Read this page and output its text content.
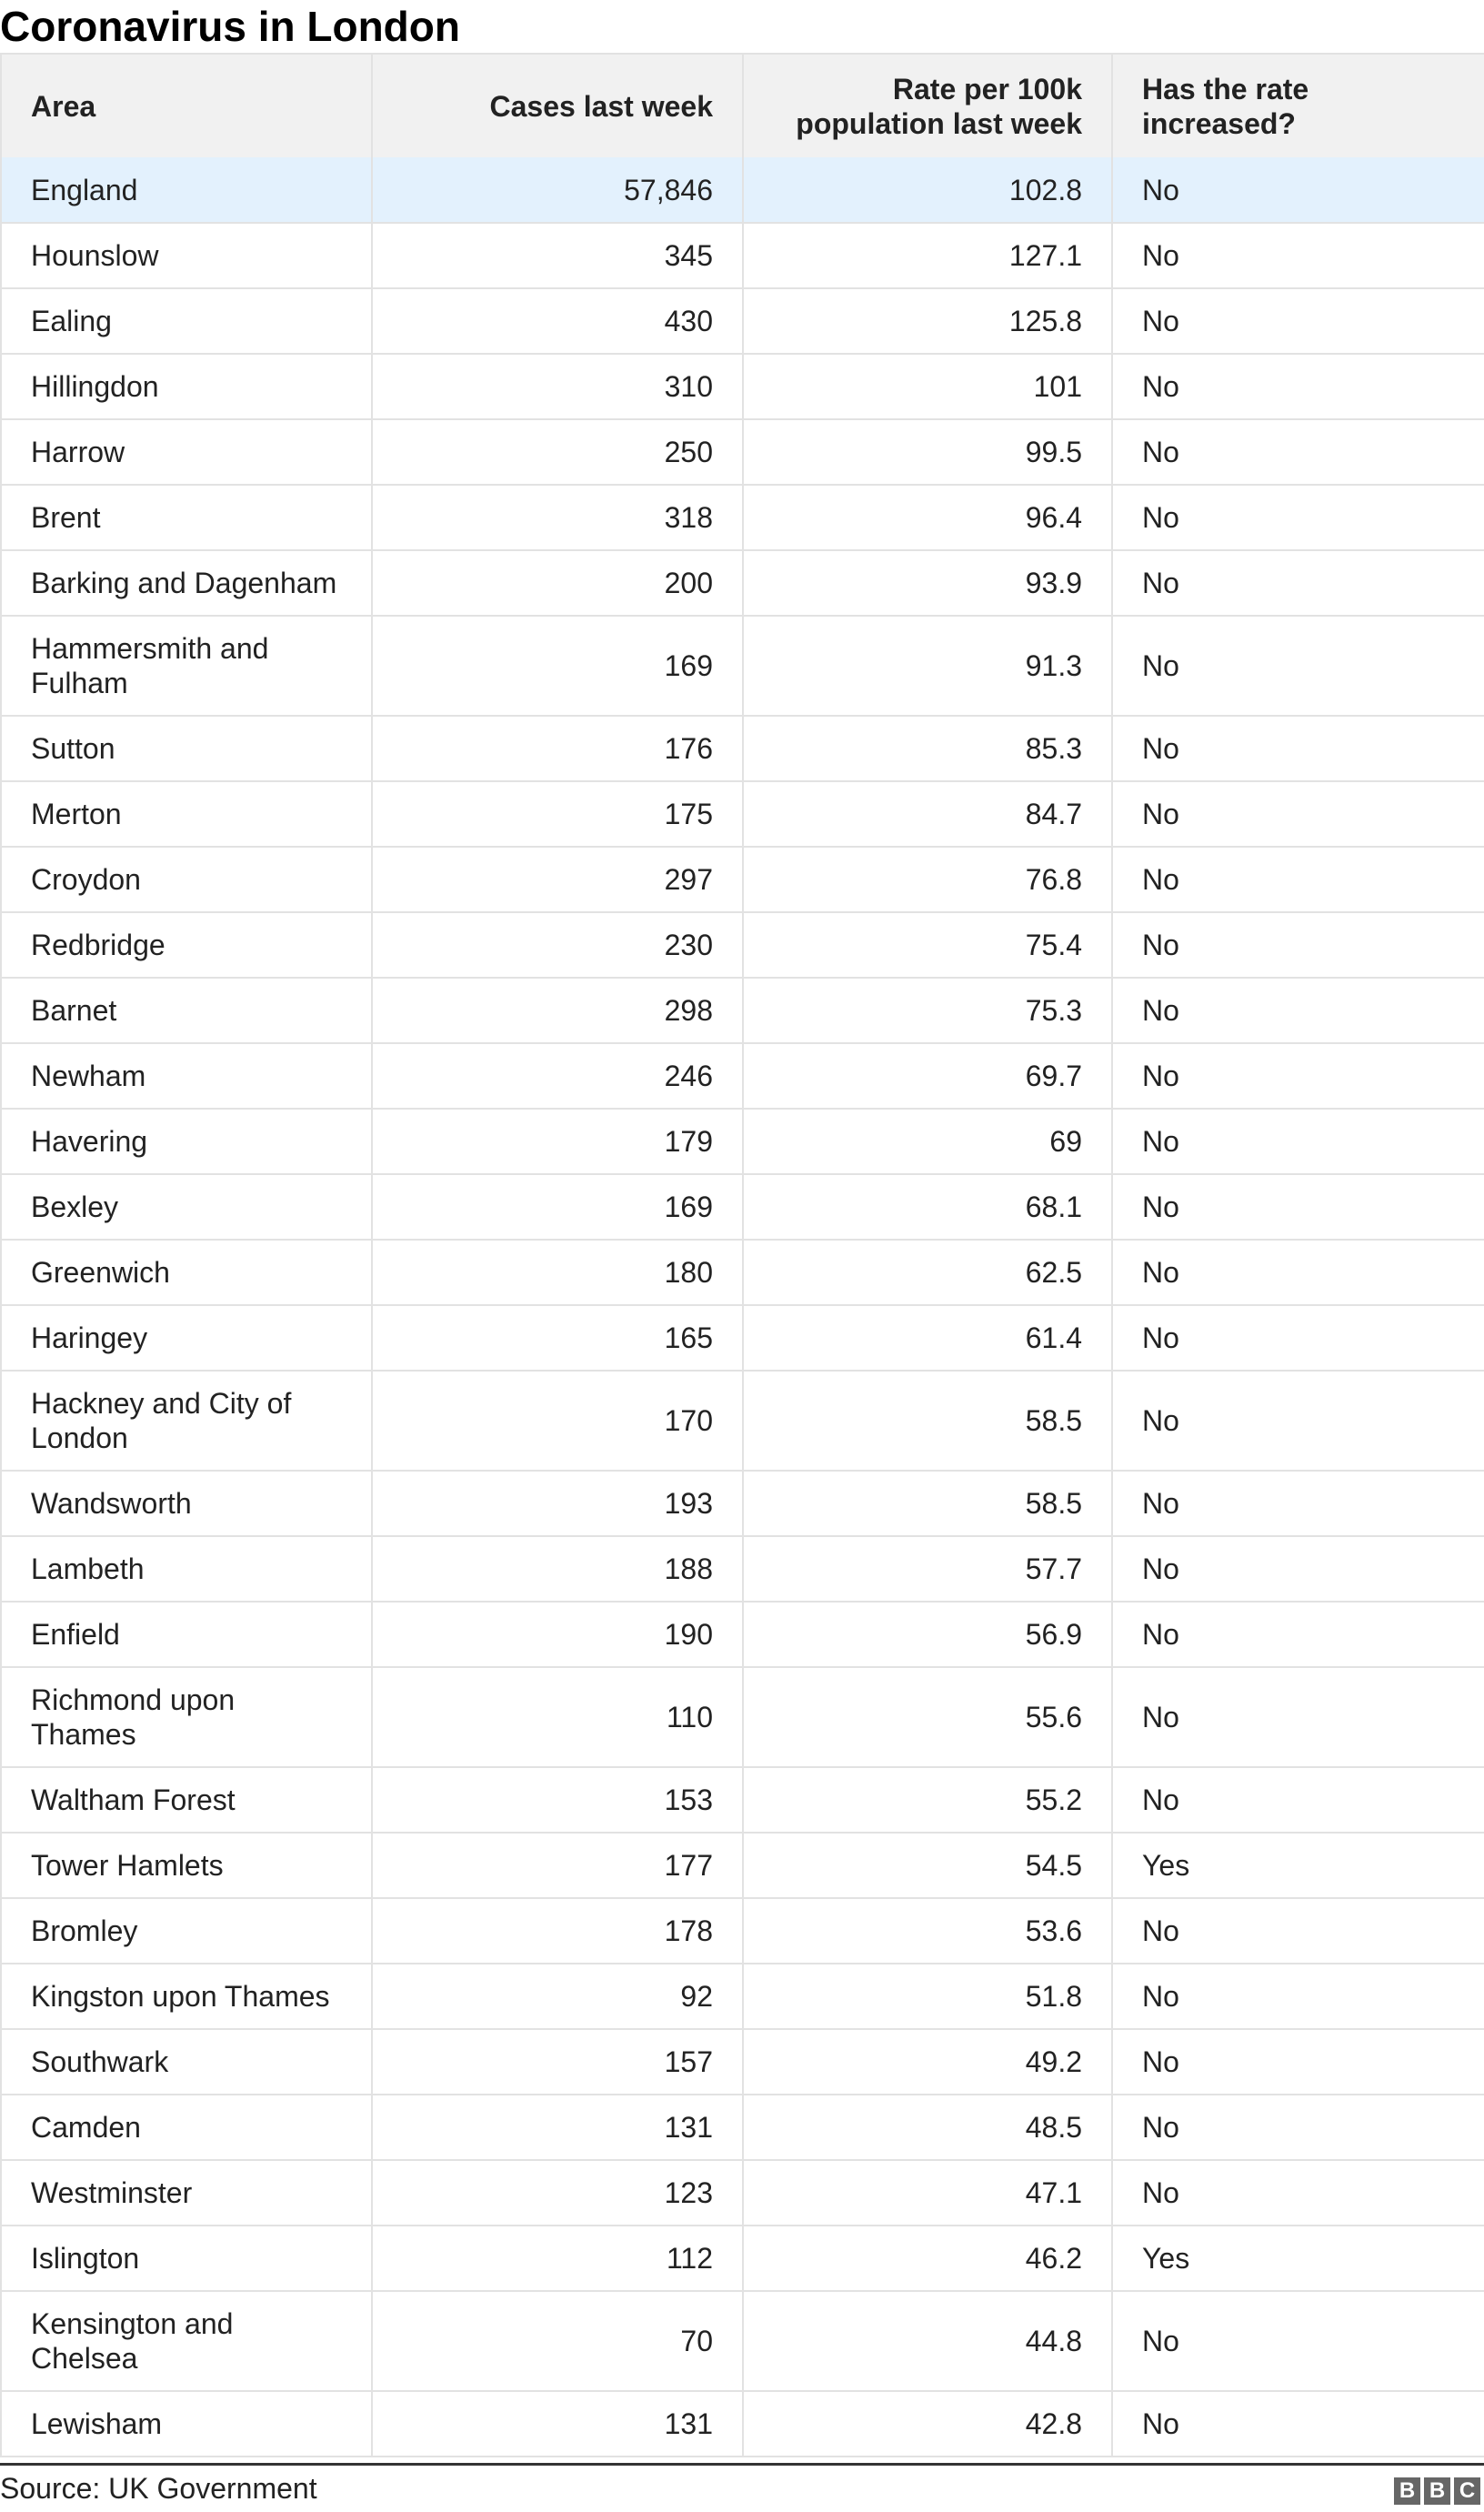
Coronavirus in London
Area	Cases last week	Rate per 100k population last week	Has the rate increased?
England	57,846	102.8	No
Hounslow	345	127.1	No
Ealing	430	125.8	No
Hillingdon	310	101	No
Harrow	250	99.5	No
Brent	318	96.4	No
Barking and Dagenham	200	93.9	No
Hammersmith and Fulham	169	91.3	No
Sutton	176	85.3	No
Merton	175	84.7	No
Croydon	297	76.8	No
Redbridge	230	75.4	No
Barnet	298	75.3	No
Newham	246	69.7	No
Havering	179	69	No
Bexley	169	68.1	No
Greenwich	180	62.5	No
Haringey	165	61.4	No
Hackney and City of London	170	58.5	No
Wandsworth	193	58.5	No
Lambeth	188	57.7	No
Enfield	190	56.9	No
Richmond upon Thames	110	55.6	No
Waltham Forest	153	55.2	No
Tower Hamlets	177	54.5	Yes
Bromley	178	53.6	No
Kingston upon Thames	92	51.8	No
Southwark	157	49.2	No
Camden	131	48.5	No
Westminster	123	47.1	No
Islington	112	46.2	Yes
Kensington and Chelsea	70	44.8	No
Lewisham	131	42.8	No
Source: UK Government	B B C
